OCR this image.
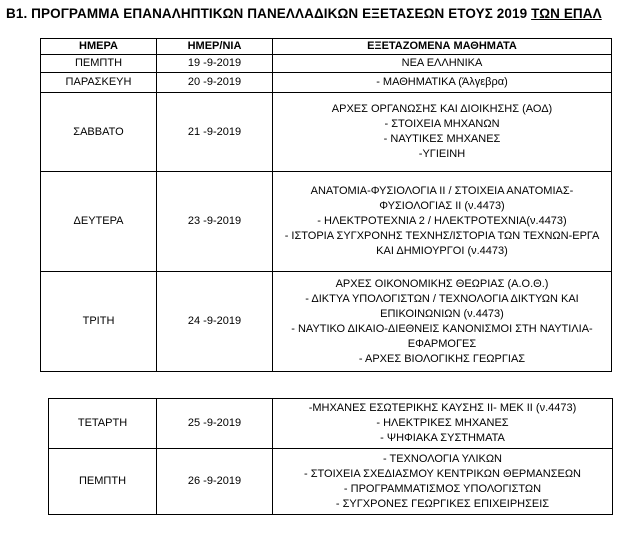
Β1. ΠΡΟΓΡΑΜΜΑ ΕΠΑΝΑΛΗΠΤΙΚΩΝ ΠΑΝΕΛΛΑΔΙΚΩΝ ΕΞΕΤΑΣΕΩΝ ΕΤΟΥΣ 2019 ΤΩΝ ΕΠΑΛ
ΗΜΕΡΑ	ΗΜΕΡ/ΝΙΑ	ΕΞΕΤΑΖΟΜΕΝΑ ΜΑΘΗΜΑΤΑ
ΠΕΜΠΤΗ	19 -9-2019	ΝΕΑ ΕΛΛΗΝΙΚΑ

ΠΑΡΑΣΚΕΥΗ	20 -9-2019	- ΜΑΘΗΜΑΤΙΚΑ (Άλγεβρα)

ΣΑΒΒΑΤΟ	21 -9-2019	ΑΡΧΕΣ ΟΡΓΑΝΩΣΗΣ ΚΑΙ ΔΙΟΙΚΗΣΗΣ (ΑΟΔ)
- ΣΤΟΙΧΕΙΑ ΜΗΧΑΝΩΝ
- ΝΑΥΤΙΚΕΣ ΜΗΧΑΝΕΣ
-ΥΓΙΕΙΝΗ

ΔΕΥΤΕΡΑ	23 -9-2019	ΑΝΑΤΟΜΙΑ-ΦΥΣΙΟΛΟΓΙΑ ΙΙ / ΣΤΟΙΧΕΙΑ ΑΝΑΤΟΜΙΑΣ-ΦΥΣΙΟΛΟΓΙΑΣ ΙΙ (ν.4473)
- ΗΛΕΚΤΡΟΤΕΧΝΙΑ 2 / ΗΛΕΚΤΡΟΤΕΧΝΙΑ(ν.4473)
- ΙΣΤΟΡΙΑ ΣΥΓΧΡΟΝΗΣ ΤΕΧΝΗΣ/ΙΣΤΟΡΙΑ ΤΩΝ ΤΕΧΝΩΝ-ΕΡΓΑ ΚΑΙ ΔΗΜΙΟΥΡΓΟΙ (ν.4473)

ΤΡΙΤΗ	24 -9-2019	ΑΡΧΕΣ ΟΙΚΟΝΟΜΙΚΗΣ ΘΕΩΡΙΑΣ (Α.Ο.Θ.)
- ΔΙΚΤΥΑ ΥΠΟΛΟΓΙΣΤΩΝ / ΤΕΧΝΟΛΟΓΙΑ ΔΙΚΤΥΩΝ ΚΑΙ ΕΠΙΚΟΙΝΩΝΙΩΝ (ν.4473)
- ΝΑΥΤΙΚΟ ΔΙΚΑΙΟ-ΔΙΕΘΝΕΙΣ ΚΑΝΟΝΙΣΜΟΙ ΣΤΗ ΝΑΥΤΙΛΙΑ-ΕΦΑΡΜΟΓΕΣ
- ΑΡΧΕΣ ΒΙΟΛΟΓΙΚΗΣ ΓΕΩΡΓΙΑΣ
ΤΕΤΑΡΤΗ	25 -9-2019	-ΜΗΧΑΝΕΣ ΕΣΩΤΕΡΙΚΗΣ ΚΑΥΣΗΣ ΙΙ- ΜΕΚ ΙΙ (ν.4473)
- ΗΛΕΚΤΡΙΚΕΣ ΜΗΧΑΝΕΣ
- ΨΗΦΙΑΚΑ ΣΥΣΤΗΜΑΤΑ

ΠΕΜΠΤΗ	26 -9-2019	- ΤΕΧΝΟΛΟΓΙΑ ΥΛΙΚΩΝ
- ΣΤΟΙΧΕΙΑ ΣΧΕΔΙΑΣΜΟΥ ΚΕΝΤΡΙΚΩΝ ΘΕΡΜΑΝΣΕΩΝ
- ΠΡΟΓΡΑΜΜΑΤΙΣΜΟΣ ΥΠΟΛΟΓΙΣΤΩΝ
- ΣΥΓΧΡΟΝΕΣ ΓΕΩΡΓΙΚΕΣ ΕΠΙΧΕΙΡΗΣΕΙΣ
